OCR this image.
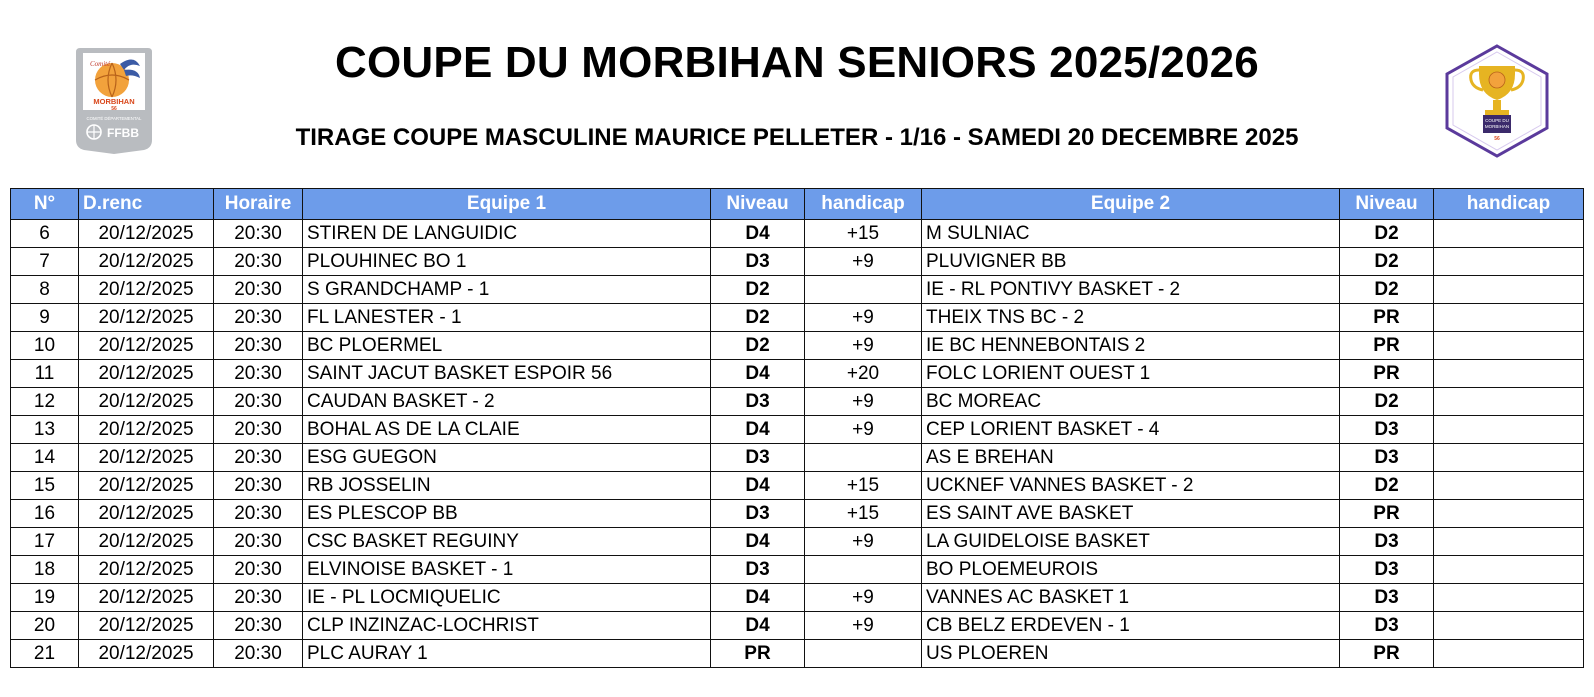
Comité
MORBIHAN
56
COMITÉ DÉPARTEMENTAL
FFBB
COUPE DU MORBIHAN SENIORS 2025/2026
TIRAGE COUPE MASCULINE MAURICE PELLETER - 1/16 - SAMEDI 20 DECEMBRE 2025
COUPE DU
MORBIHAN
56
N°	D.renc	Horaire	Equipe 1	Niveau	handicap	Equipe 2	Niveau	handicap
6	20/12/2025	20:30	STIREN DE LANGUIDIC	D4	+15	M SULNIAC	D2	
7	20/12/2025	20:30	PLOUHINEC BO 1	D3	+9	PLUVIGNER BB	D2	
8	20/12/2025	20:30	S GRANDCHAMP - 1	D2		IE - RL PONTIVY BASKET - 2	D2	
9	20/12/2025	20:30	FL LANESTER - 1	D2	+9	THEIX TNS BC - 2	PR	
10	20/12/2025	20:30	BC PLOERMEL	D2	+9	IE BC HENNEBONTAIS 2	PR	
11	20/12/2025	20:30	SAINT JACUT BASKET ESPOIR 56	D4	+20	FOLC LORIENT OUEST 1	PR	
12	20/12/2025	20:30	CAUDAN BASKET - 2	D3	+9	BC MOREAC	D2	
13	20/12/2025	20:30	BOHAL AS DE LA CLAIE	D4	+9	CEP LORIENT BASKET - 4	D3	
14	20/12/2025	20:30	ESG GUEGON	D3		AS E BREHAN	D3	
15	20/12/2025	20:30	RB JOSSELIN	D4	+15	UCKNEF VANNES BASKET - 2	D2	
16	20/12/2025	20:30	ES PLESCOP BB	D3	+15	ES SAINT AVE BASKET	PR	
17	20/12/2025	20:30	CSC BASKET REGUINY	D4	+9	LA GUIDELOISE BASKET	D3	
18	20/12/2025	20:30	ELVINOISE BASKET - 1	D3		BO PLOEMEUROIS	D3	
19	20/12/2025	20:30	IE - PL LOCMIQUELIC	D4	+9	VANNES AC BASKET 1	D3	
20	20/12/2025	20:30	CLP INZINZAC-LOCHRIST	D4	+9	CB BELZ ERDEVEN - 1	D3	
21	20/12/2025	20:30	PLC AURAY 1	PR		US PLOEREN	PR	
